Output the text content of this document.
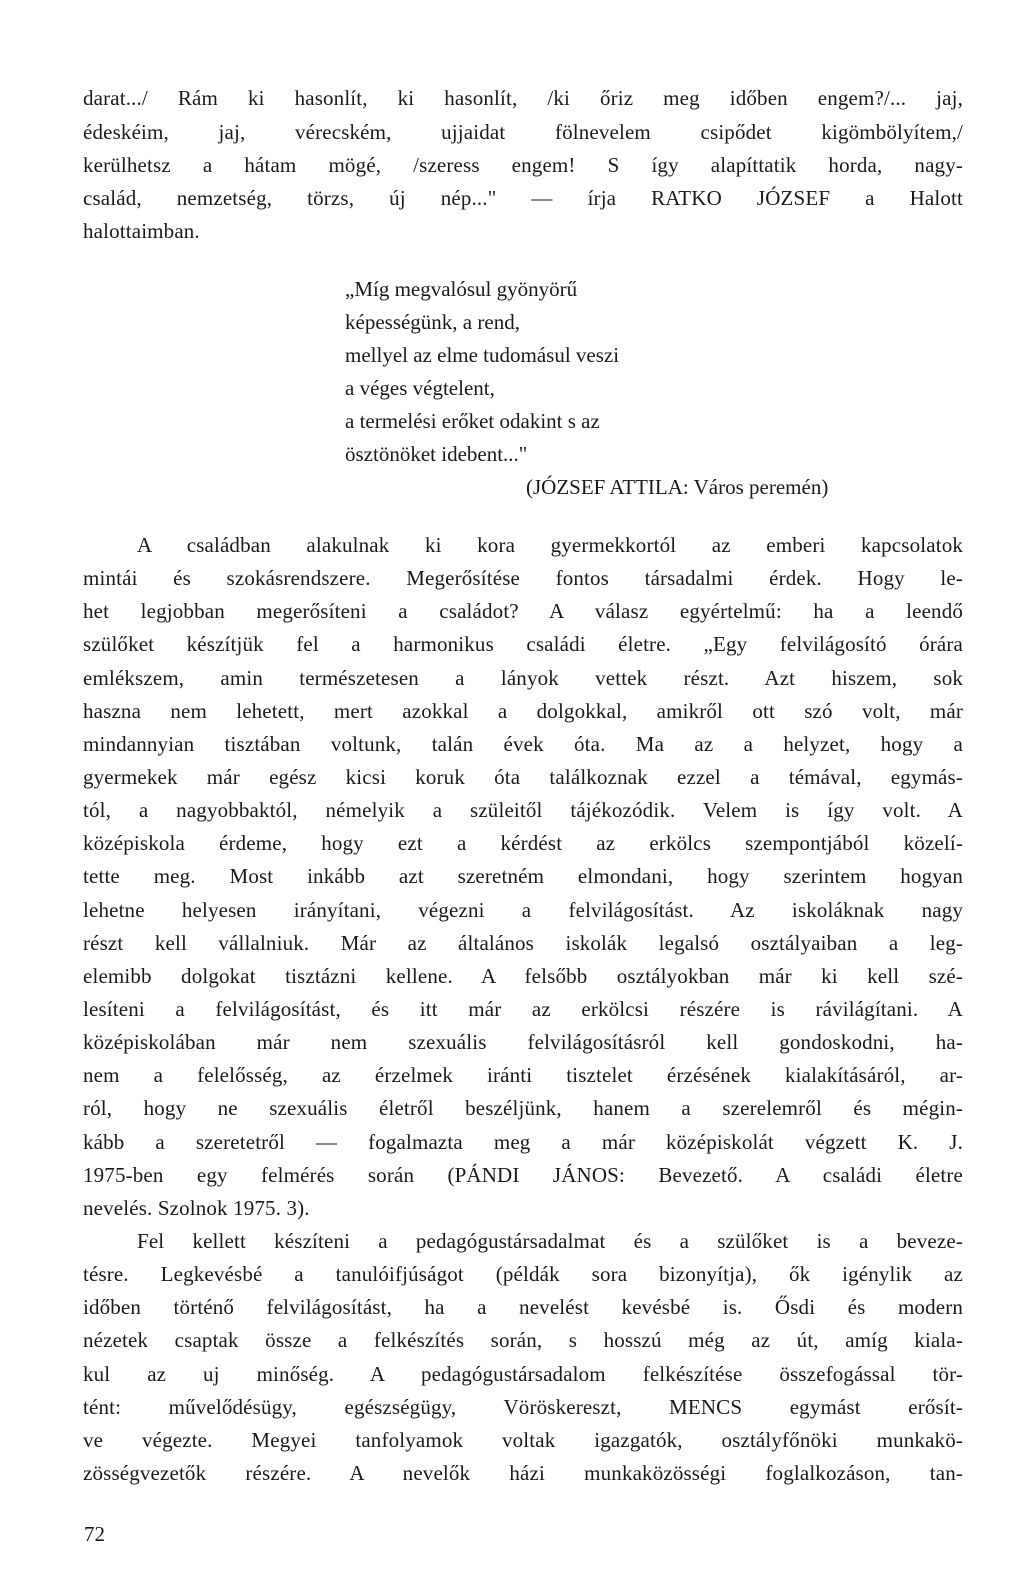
darat.../ Rám ki hasonlít, ki hasonlít, /ki őriz meg időben engem?/... jaj,
édeskéim, jaj, vérecském, ujjaidat fölnevelem csipődet kigömbölyítem,/
kerülhetsz a hátam mögé, /szeress engem! S így alapíttatik horda, nagy-
család, nemzetség, törzs, új nép..." — írja RATKO JÓZSEF a Halott
halottaimban.
„Míg megvalósul gyönyörű
képességünk, a rend,
mellyel az elme tudomásul veszi
a véges végtelent,
a termelési erőket odakint s az
ösztönöket idebent..."
(JÓZSEF ATTILA: Város peremén)
A családban alakulnak ki kora gyermekkortól az emberi kapcsolatok
mintái és szokásrendszere. Megerősítése fontos társadalmi érdek. Hogy le-
het legjobban megerősíteni a családot? A válasz egyértelmű: ha a leendő
szülőket készítjük fel a harmonikus családi életre. „Egy felvilágosító órára
emlékszem, amin természetesen a lányok vettek részt. Azt hiszem, sok
haszna nem lehetett, mert azokkal a dolgokkal, amikről ott szó volt, már
mindannyian tisztában voltunk, talán évek óta. Ma az a helyzet, hogy a
gyermekek már egész kicsi koruk óta találkoznak ezzel a témával, egymás-
tól, a nagyobbaktól, némelyik a szüleitől tájékozódik. Velem is így volt. A
középiskola érdeme, hogy ezt a kérdést az erkölcs szempontjából közelí-
tette meg. Most inkább azt szeretném elmondani, hogy szerintem hogyan
lehetne helyesen irányítani, végezni a felvilágosítást. Az iskoláknak nagy
részt kell vállalniuk. Már az általános iskolák legalsó osztályaiban a leg-
elemibb dolgokat tisztázni kellene. A felsőbb osztályokban már ki kell szé-
lesíteni a felvilágosítást, és itt már az erkölcsi részére is rávilágítani. A
középiskolában már nem szexuális felvilágosításról kell gondoskodni, ha-
nem a felelősség, az érzelmek iránti tisztelet érzésének kialakításáról, ar-
ról, hogy ne szexuális életről beszéljünk, hanem a szerelemről és mégin-
kább a szeretetről — fogalmazta meg a már középiskolát végzett K. J.
1975-ben egy felmérés során (PÁNDI JÁNOS: Bevezető. A családi életre
nevelés. Szolnok 1975. 3).
Fel kellett készíteni a pedagógustársadalmat és a szülőket is a beveze-
tésre. Legkevésbé a tanulóifjúságot (példák sora bizonyítja), ők igénylik az
időben történő felvilágosítást, ha a nevelést kevésbé is. Ősdi és modern
nézetek csaptak össze a felkészítés során, s hosszú még az út, amíg kiala-
kul az uj minőség. A pedagógustársadalom felkészítése összefogással tör-
tént: művelődésügy, egészségügy, Vöröskereszt, MENCS egymást erősít-
ve végezte. Megyei tanfolyamok voltak igazgatók, osztályfőnöki munkakö-
zösségvezetők részére. A nevelők házi munkaközösségi foglalkozáson, tan-
72
